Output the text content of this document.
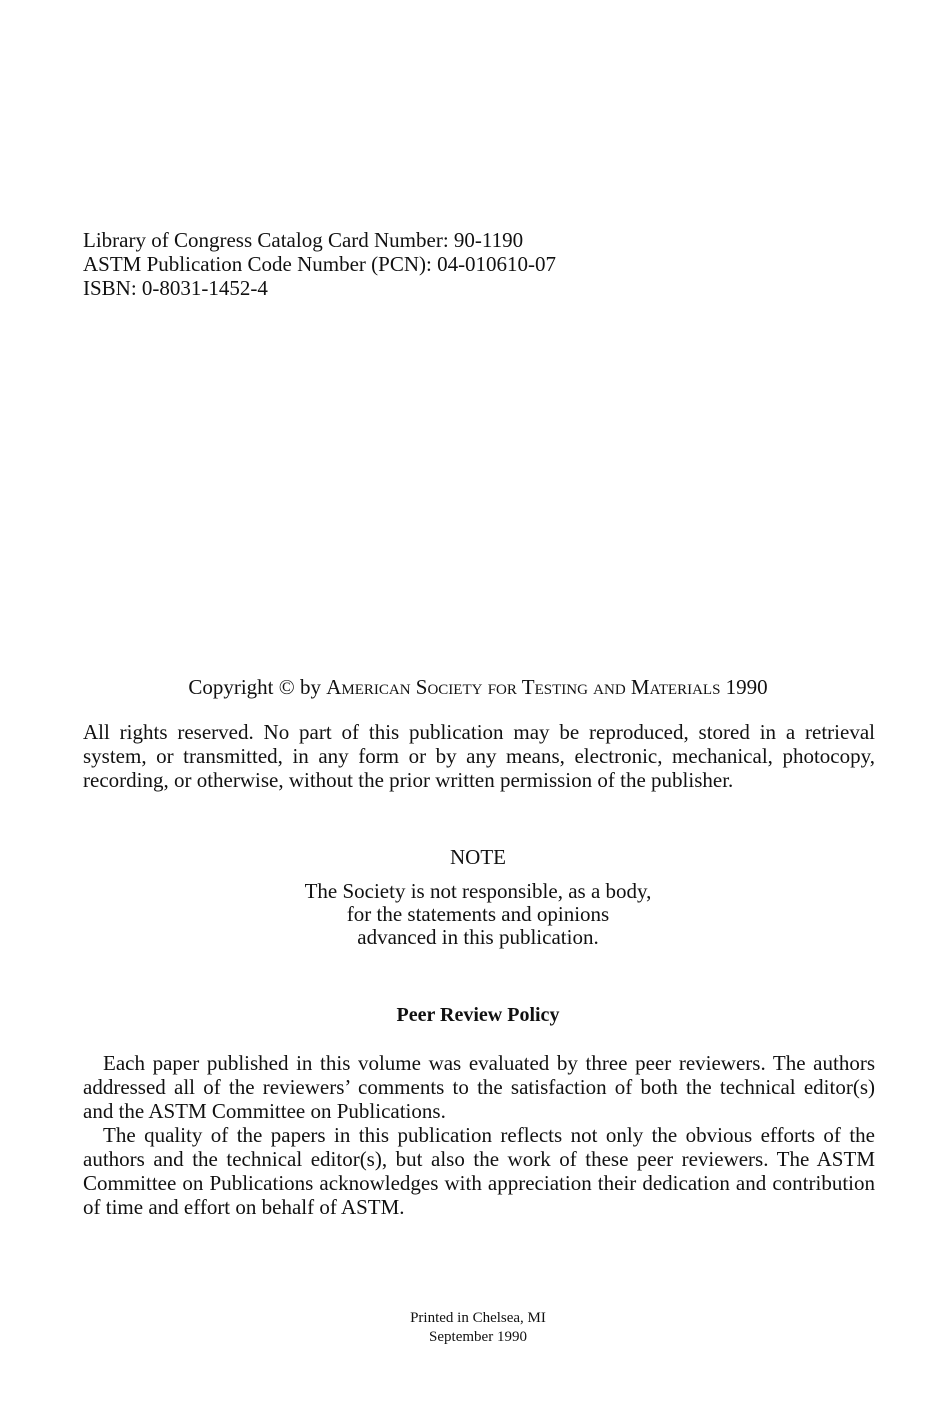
Library of Congress Catalog Card Number: 90-1190
ASTM Publication Code Number (PCN): 04-010610-07
ISBN: 0-8031-1452-4
Copyright © by American Society for Testing and Materials 1990
All rights reserved. No part of this publication may be reproduced, stored in a retrieval
system, or transmitted, in any form or by any means, electronic, mechanical, photocopy,
recording, or otherwise, without the prior written permission of the publisher.
NOTE
The Society is not responsible, as a body,
for the statements and opinions
advanced in this publication.
Peer Review Policy
Each paper published in this volume was evaluated by three peer reviewers. The authors
addressed all of the reviewers’ comments to the satisfaction of both the technical editor(s)
and the ASTM Committee on Publications.
The quality of the papers in this publication reflects not only the obvious efforts of the
authors and the technical editor(s), but also the work of these peer reviewers. The ASTM
Committee on Publications acknowledges with appreciation their dedication and contribution
of time and effort on behalf of ASTM.
Printed in Chelsea, MI
September 1990
